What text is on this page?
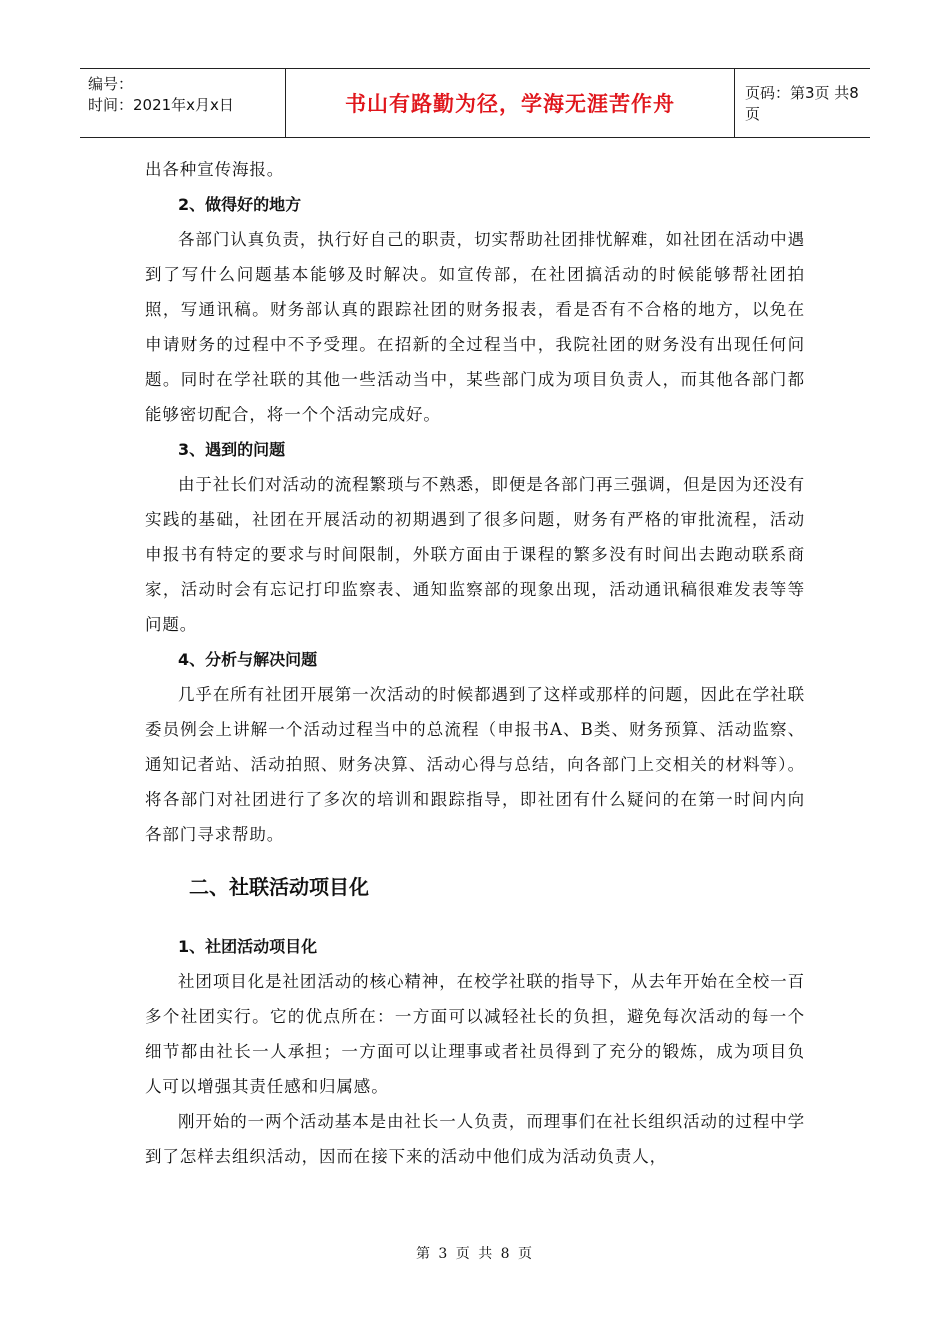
编号：
时间：2021年x月x日	书山有路勤为径，学海无涯苦作舟	页码：第3页 共8页

出各种宣传海报。

2、做得好的地方

各部门认真负责，执行好自己的职责，切实帮助社团排忧解难，如社团在活动中遇到了写什么问题基本能够及时解决。如宣传部，在社团搞活动的时候能够帮社团拍照，写通讯稿。财务部认真的跟踪社团的财务报表，看是否有不合格的地方，以免在申请财务的过程中不予受理。在招新的全过程当中，我院社团的财务没有出现任何问题。同时在学社联的其他一些活动当中，某些部门成为项目负责人，而其他各部门都能够密切配合，将一个个活动完成好。

3、遇到的问题

由于社长们对活动的流程繁琐与不熟悉，即便是各部门再三强调，但是因为还没有实践的基础，社团在开展活动的初期遇到了很多问题，财务有严格的审批流程，活动申报书有特定的要求与时间限制，外联方面由于课程的繁多没有时间出去跑动联系商家，活动时会有忘记打印监察表、通知监察部的现象出现，活动通讯稿很难发表等等问题。

4、分析与解决问题

几乎在所有社团开展第一次活动的时候都遇到了这样或那样的问题，因此在学社联委员例会上讲解一个活动过程当中的总流程（申报书A、B类、财务预算、活动监察、通知记者站、活动拍照、财务决算、活动心得与总结，向各部门上交相关的材料等）。将各部门对社团进行了多次的培训和跟踪指导，即社团有什么疑问的在第一时间内向各部门寻求帮助。

二、社联活动项目化

1、社团活动项目化

社团项目化是社团活动的核心精神，在校学社联的指导下，从去年开始在全校一百多个社团实行。它的优点所在：一方面可以减轻社长的负担，避免每次活动的每一个细节都由社长一人承担；一方面可以让理事或者社员得到了充分的锻炼，成为项目负人可以增强其责任感和归属感。

刚开始的一两个活动基本是由社长一人负责，而理事们在社长组织活动的过程中学到了怎样去组织活动，因而在接下来的活动中他们成为活动负责人，

第 3 页 共 8 页
